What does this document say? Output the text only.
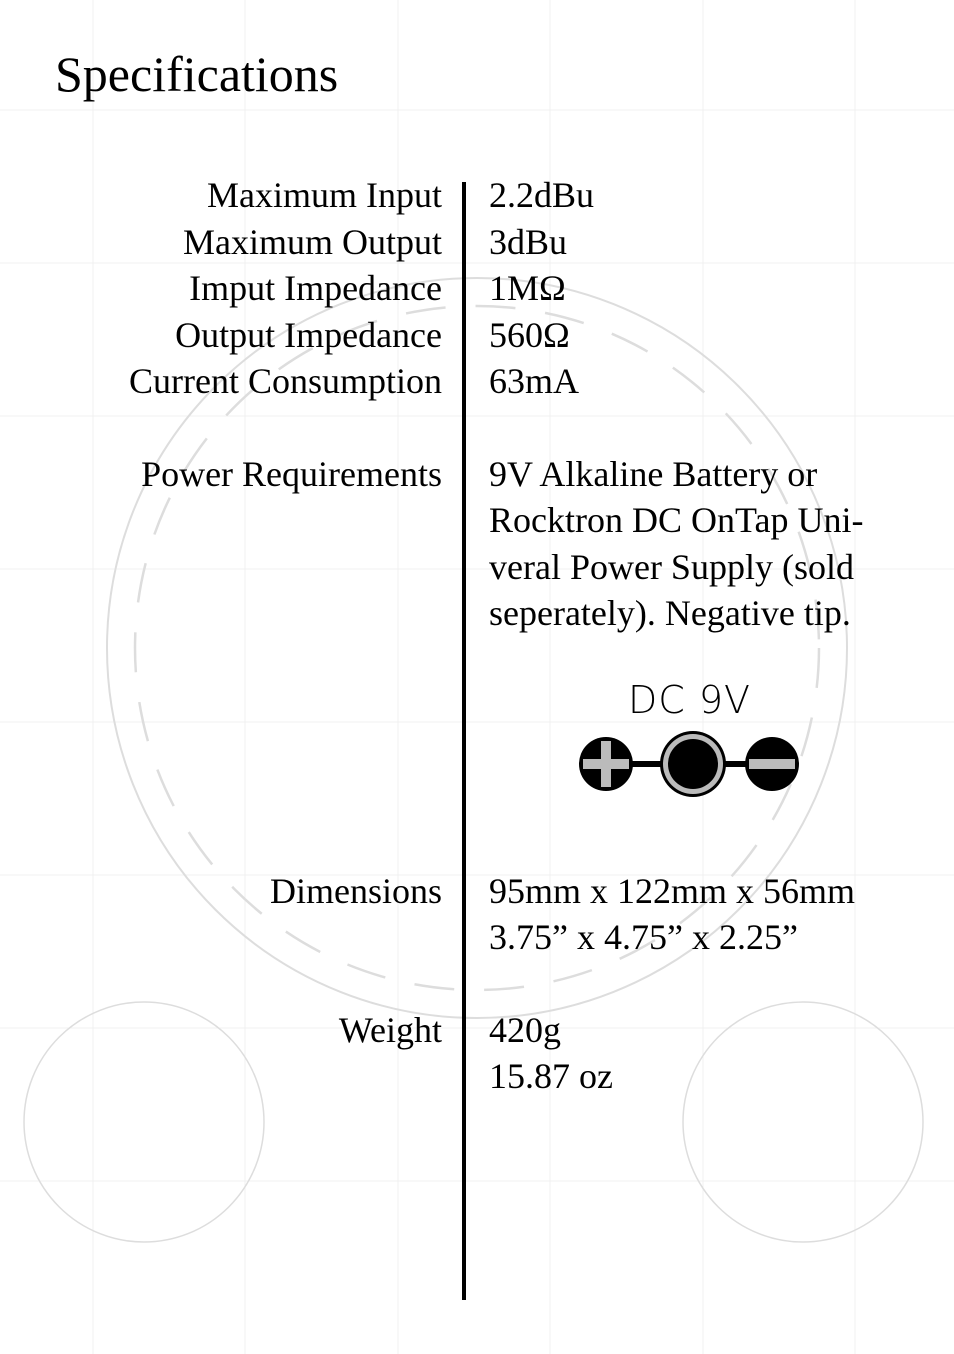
Specifications
Maximum Input 2.2dBu
Maximum Output 3dBu
Imput Impedance 1MΩ
Output Impedance 560Ω
Current Consumption 63mA
Power Requirements 9V Alkaline Battery or
Rocktron DC OnTap Uni-
veral Power Supply (sold
seperately). Negative tip.
DC 9V
Dimensions 95mm x 122mm x 56mm
3.75” x 4.75” x 2.25”
Weight 420g
15.87 oz
